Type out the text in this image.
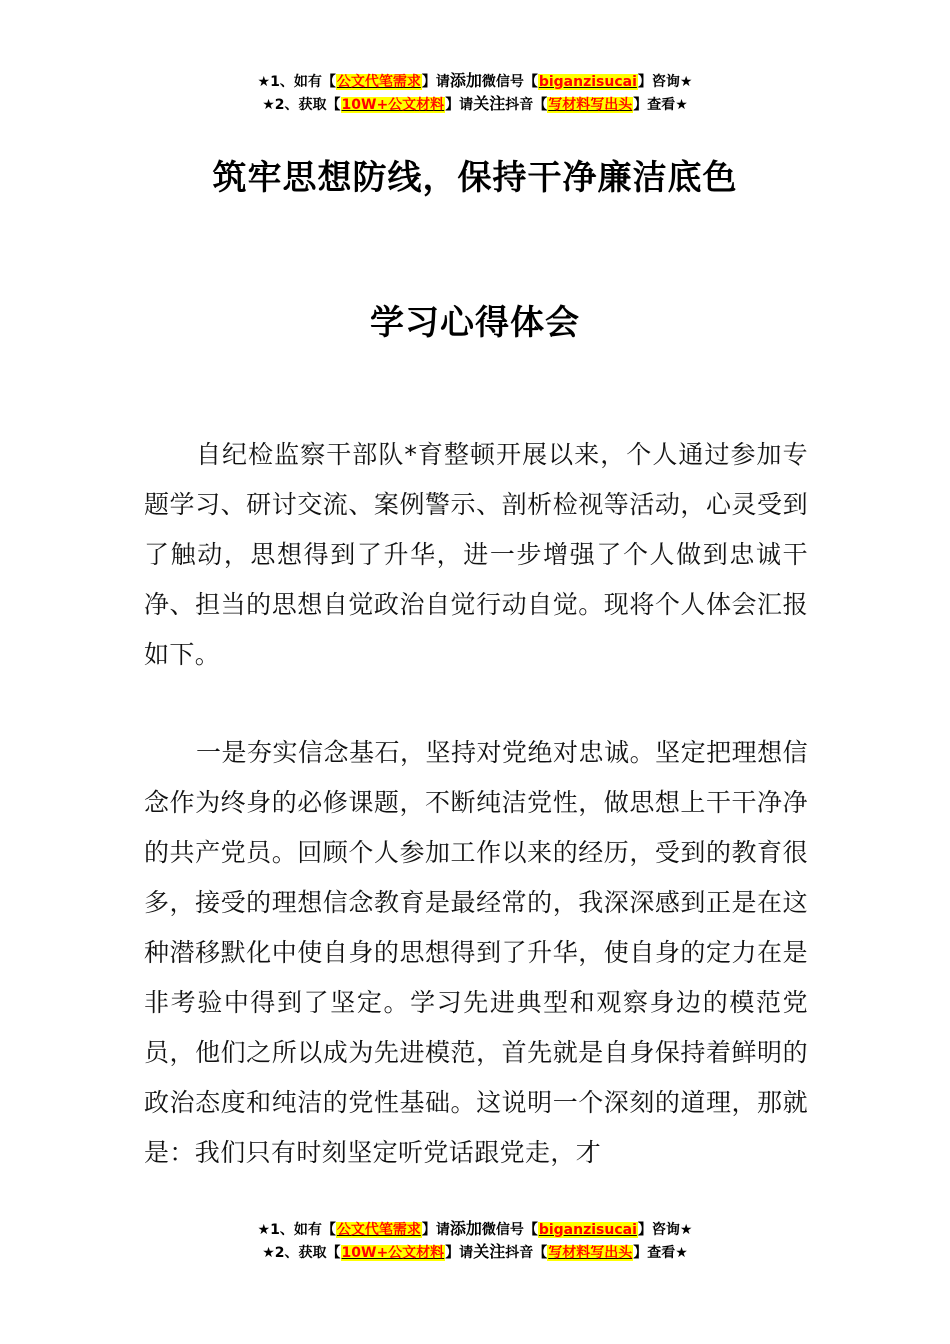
★1、如有【公文代笔需求】请添加微信号【biganzisucai】咨询★
★2、获取【10W+公文材料】请关注抖音【写材料写出头】查看★
筑牢思想防线，保持干净廉洁底色
学习心得体会
自纪检监察干部队*育整顿开展以来，个人通过参加专题学习、研讨交流、案例警示、剖析检视等活动，心灵受到了触动，思想得到了升华，进一步增强了个人做到忠诚干净、担当的思想自觉政治自觉行动自觉。现将个人体会汇报如下。
一是夯实信念基石，坚持对党绝对忠诚。坚定把理想信念作为终身的必修课题，不断纯洁党性，做思想上干干净净的共产党员。回顾个人参加工作以来的经历，受到的教育很多，接受的理想信念教育是最经常的，我深深感到正是在这种潜移默化中使自身的思想得到了升华，使自身的定力在是非考验中得到了坚定。学习先进典型和观察身边的模范党员，他们之所以成为先进模范，首先就是自身保持着鲜明的政治态度和纯洁的党性基础。这说明一个深刻的道理，那就是：我们只有时刻坚定听党话跟党走，才
★1、如有【公文代笔需求】请添加微信号【biganzisucai】咨询★
★2、获取【10W+公文材料】请关注抖音【写材料写出头】查看★
